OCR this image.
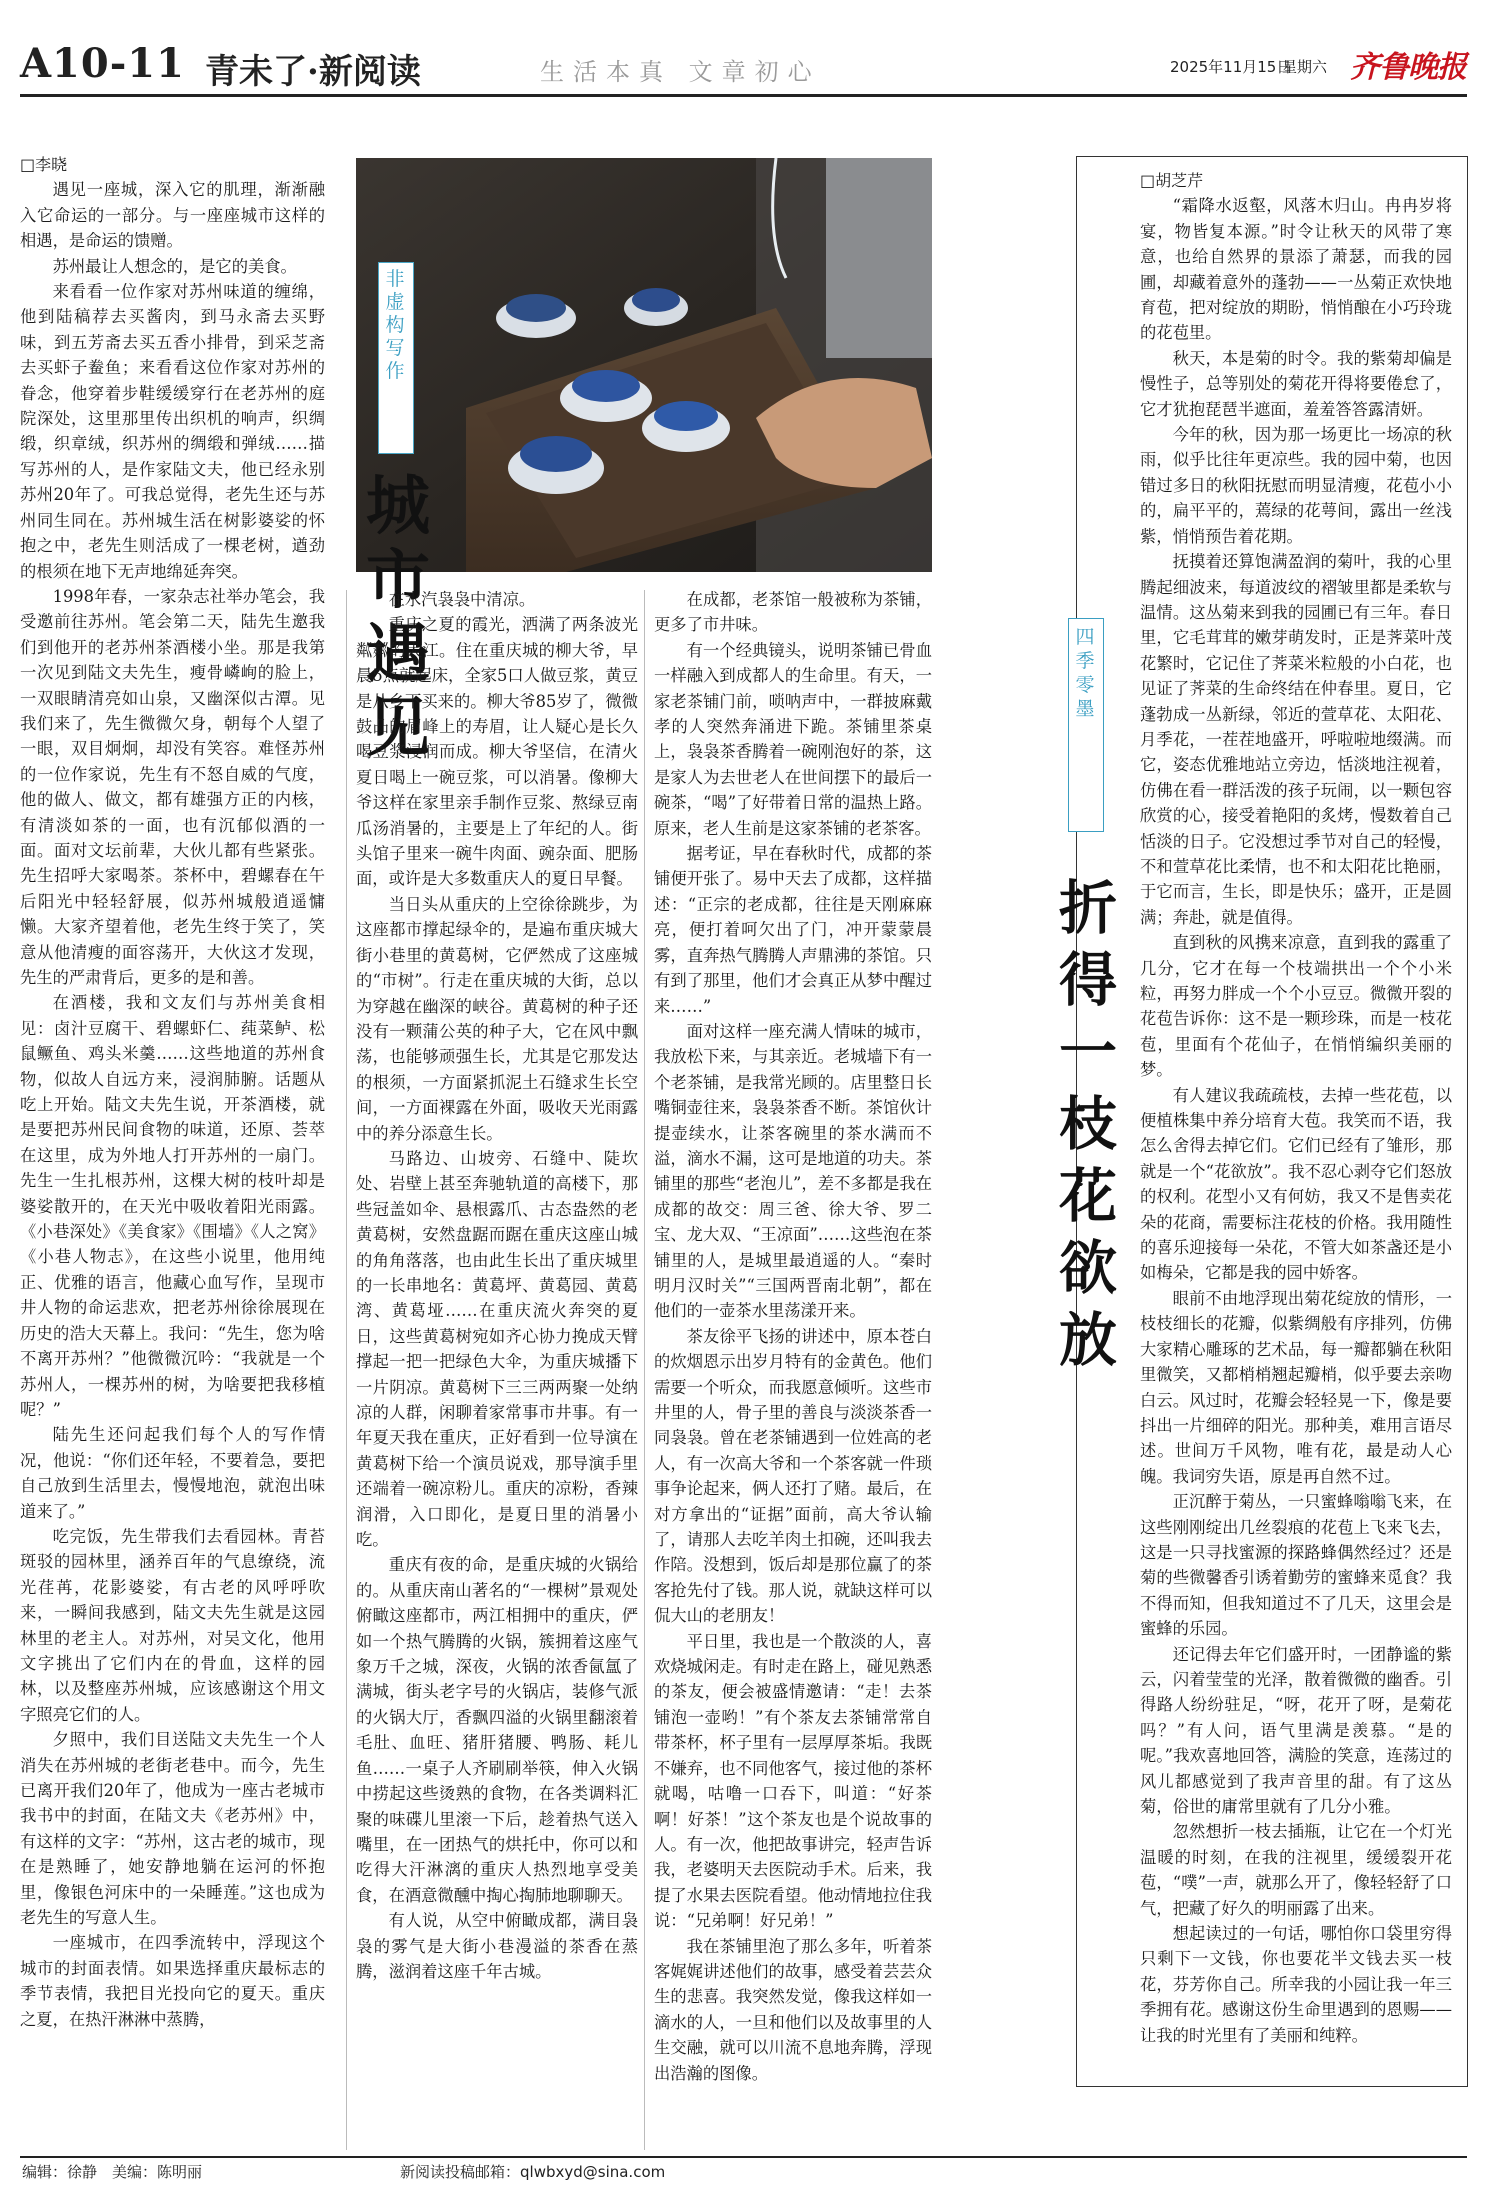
A10-11 青未了·新阅读	生活本真 文章初心	2025年11月15日
星期六 齐鲁晚报

□李晓

遇见一座城，深入它的肌理，渐渐融入它命运的一部分。与一座座城市这样的相遇，是命运的馈赠。

苏州最让人想念的，是它的美食。

来看看一位作家对苏州味道的缠绵，他到陆稿荐去买酱肉，到马永斋去买野味，到五芳斋去买五香小排骨，到采芝斋去买虾子鲞鱼；来看看这位作家对苏州的眷念，他穿着步鞋缓缓穿行在老苏州的庭院深处，这里那里传出织机的响声，织绸缎，织章绒，织苏州的绸缎和弹绒……描写苏州的人，是作家陆文夫，他已经永别苏州20年了。可我总觉得，老先生还与苏州同生同在。苏州城生活在树影婆娑的怀抱之中，老先生则活成了一棵老树，遒劲的根须在地下无声地绵延奔突。

1998年春，一家杂志社举办笔会，我受邀前往苏州。笔会第二天，陆先生邀我们到他开的老苏州茶酒楼小坐。那是我第一次见到陆文夫先生，瘦骨嶙峋的脸上，一双眼睛清亮如山泉，又幽深似古潭。见我们来了，先生微微欠身，朝每个人望了一眼，双目炯炯，却没有笑容。难怪苏州的一位作家说，先生有不怒自威的气度，他的做人、做文，都有雄强方正的内核，有清淡如茶的一面，也有沉郁似酒的一面。面对文坛前辈，大伙儿都有些紧张。先生招呼大家喝茶。茶杯中，碧螺春在午后阳光中轻轻舒展，似苏州城般逍遥慵懒。大家齐望着他，老先生终于笑了，笑意从他清瘦的面容荡开，大伙这才发现，先生的严肃背后，更多的是和善。

在酒楼，我和文友们与苏州美食相见：卤汁豆腐干、碧螺虾仁、莼菜鲈、松鼠鳜鱼、鸡头米羹……这些地道的苏州食物，似故人自远方来，浸润肺腑。话题从吃上开始。陆文夫先生说，开茶酒楼，就是要把苏州民间食物的味道，还原、荟萃在这里，成为外地人打开苏州的一扇门。先生一生扎根苏州，这棵大树的枝叶却是婆娑散开的，在天光中吸收着阳光雨露。《小巷深处》《美食家》《围墙》《人之窝》《小巷人物志》，在这些小说里，他用纯正、优雅的语言，他藏心血写作，呈现市井人物的命运悲欢，把老苏州徐徐展现在历史的浩大天幕上。我问：“先生，您为啥不离开苏州？”他微微沉吟：“我就是一个苏州人，一棵苏州的树，为啥要把我移植呢？”

陆先生还问起我们每个人的写作情况，他说：“你们还年轻，不要着急，要把自己放到生活里去，慢慢地泡，就泡出味道来了。”

吃完饭，先生带我们去看园林。青苔斑驳的园林里，涵养百年的气息缭绕，流光荏苒，花影婆娑，有古老的风呼呼吹来，一瞬间我感到，陆文夫先生就是这园林里的老主人。对苏州，对吴文化，他用文字挑出了它们内在的骨血，这样的园林，以及整座苏州城，应该感谢这个用文字照亮它们的人。

夕照中，我们目送陆文夫先生一个人消失在苏州城的老街老巷中。而今，先生已离开我们20年了，他成为一座古老城市我书中的封面，在陆文夫《老苏州》中，有这样的文字：“苏州，这古老的城市，现在是熟睡了，她安静地躺在运河的怀抱里，像银色河床中的一朵睡莲。”这也成为老先生的写意人生。

一座城市，在四季流转中，浮现这个城市的封面表情。如果选择重庆最标志的季节表情，我把目光投向它的夏天。重庆之夏，在热汗淋淋中蒸腾，

非
虚
构
写
作
城
市
遇
见

在水汽袅袅中清凉。

重庆之夏的霞光，洒满了两条波光粼粼的大江。住在重庆城的柳大爷，早晨5点就起床，全家5口人做豆浆，黄豆是从乡下买来的。柳大爷85岁了，微微鼓凸的眉峰上的寿眉，让人疑心是长久喝豆浆浸润而成。柳大爷坚信，在清火夏日喝上一碗豆浆，可以消暑。像柳大爷这样在家里亲手制作豆浆、熬绿豆南瓜汤消暑的，主要是上了年纪的人。街头馆子里来一碗牛肉面、豌杂面、肥肠面，或许是大多数重庆人的夏日早餐。

当日头从重庆的上空徐徐跳步，为这座都市撑起绿伞的，是遍布重庆城大街小巷里的黄葛树，它俨然成了这座城的“市树”。行走在重庆城的大街，总以为穿越在幽深的峡谷。黄葛树的种子还没有一颗蒲公英的种子大，它在风中飘荡，也能够顽强生长，尤其是它那发达的根须，一方面紧抓泥土石缝求生长空间，一方面裸露在外面，吸收天光雨露中的养分添意生长。

马路边、山坡旁、石缝中、陡坎处、岩壁上甚至奔驰轨道的高楼下，那些冠盖如伞、悬根露爪、古态盎然的老黄葛树，安然盘踞而踞在重庆这座山城的角角落落，也由此生长出了重庆城里的一长串地名：黄葛坪、黄葛园、黄葛湾、黄葛垭……在重庆流火奔突的夏日，这些黄葛树宛如齐心协力挽成天臂撑起一把一把绿色大伞，为重庆城播下一片阴凉。黄葛树下三三两两聚一处纳凉的人群，闲聊着家常事市井事。有一年夏天我在重庆，正好看到一位导演在黄葛树下给一个演员说戏，那导演手里还端着一碗凉粉儿。重庆的凉粉，香辣润滑，入口即化，是夏日里的消暑小吃。

重庆有夜的命，是重庆城的火锅给的。从重庆南山著名的“一棵树”景观处俯瞰这座都市，两江相拥中的重庆，俨如一个热气腾腾的火锅，簇拥着这座气象万千之城，深夜，火锅的浓香氤氲了满城，街头老字号的火锅店，装修气派的火锅大厅，香飘四溢的火锅里翻滚着毛肚、血旺、猪肝猪腰、鸭肠、耗儿鱼……一桌子人齐刷刷举筷，伸入火锅中捞起这些烫熟的食物，在各类调料汇聚的味碟儿里滚一下后，趁着热气送入嘴里，在一团热气的烘托中，你可以和吃得大汗淋漓的重庆人热烈地享受美食，在酒意微醺中掏心掏肺地聊聊天。

有人说，从空中俯瞰成都，满目袅袅的雾气是大街小巷漫溢的茶香在蒸腾，滋润着这座千年古城。

在成都，老茶馆一般被称为茶铺，更多了市井味。

有一个经典镜头，说明茶铺已骨血一样融入到成都人的生命里。有天，一家老茶铺门前，唢呐声中，一群披麻戴孝的人突然奔涌进下跪。茶铺里茶桌上，袅袅茶香腾着一碗刚泡好的茶，这是家人为去世老人在世间摆下的最后一碗茶，“喝”了好带着日常的温热上路。原来，老人生前是这家茶铺的老茶客。

据考证，早在春秋时代，成都的茶铺便开张了。易中天去了成都，这样描述：“正宗的老成都，往往是天刚麻麻亮，便打着呵欠出了门，冲开蒙蒙晨雾，直奔热气腾腾人声鼎沸的茶馆。只有到了那里，他们才会真正从梦中醒过来……”

面对这样一座充满人情味的城市，我放松下来，与其亲近。老城墙下有一个老茶铺，是我常光顾的。店里整日长嘴铜壶往来，袅袅茶香不断。茶馆伙计提壶续水，让茶客碗里的茶水满而不溢，滴水不漏，这可是地道的功夫。茶铺里的那些“老泡儿”，差不多都是我在成都的故交：周三爸、徐大爷、罗二宝、龙大双、“王凉面”……这些泡在茶铺里的人，是城里最逍遥的人。“秦时明月汉时关”“三国两晋南北朝”，都在他们的一壶茶水里荡漾开来。

茶友徐平飞扬的讲述中，原本苍白的炊烟恩示出岁月特有的金黄色。他们需要一个听众，而我愿意倾听。这些市井里的人，骨子里的善良与淡淡茶香一同袅袅。曾在老茶铺遇到一位姓高的老人，有一次高大爷和一个茶客就一件琐事争论起来，俩人还打了赌。最后，在对方拿出的“证据”面前，高大爷认输了，请那人去吃羊肉土扣碗，还叫我去作陪。没想到，饭后却是那位赢了的茶客抢先付了钱。那人说，就缺这样可以侃大山的老朋友！

平日里，我也是一个散淡的人，喜欢烧城闲走。有时走在路上，碰见熟悉的茶友，便会被盛情邀请：“走！去茶铺泡一壶哟！”有个茶友去茶铺常常自带茶杯，杯子里有一层厚厚茶垢。我既不嫌弃，也不同他客气，接过他的茶杯就喝，咕噜一口吞下，叫道：“好茶啊！好茶！”这个茶友也是个说故事的人。有一次，他把故事讲完，轻声告诉我，老婆明天去医院动手术。后来，我提了水果去医院看望。他动情地拉住我说：“兄弟啊！好兄弟！”

我在茶铺里泡了那么多年，听着茶客娓娓讲述他们的故事，感受着芸芸众生的悲喜。我突然发觉，像我这样如一滴水的人，一旦和他们以及故事里的人生交融，就可以川流不息地奔腾，浮现出浩瀚的图像。

四
季
零
墨
折
得
一
枝
花
欲
放

□胡芝芹

“霜降水返壑，风落木归山。冉冉岁将宴，物皆复本源。”时令让秋天的风带了寒意，也给自然界的景添了萧瑟，而我的园圃，却藏着意外的蓬勃——一丛菊正欢快地育苞，把对绽放的期盼，悄悄酿在小巧玲珑的花苞里。

秋天，本是菊的时令。我的紫菊却偏是慢性子，总等别处的菊花开得将要倦怠了，它才犹抱琵琶半遮面，羞羞答答露清妍。

今年的秋，因为那一场更比一场凉的秋雨，似乎比往年更凉些。我的园中菊，也因错过多日的秋阳抚慰而明显清瘦，花苞小小的，扁平平的，蔫绿的花萼间，露出一丝浅紫，悄悄预告着花期。

抚摸着还算饱满盈润的菊叶，我的心里腾起细波来，每道波纹的褶皱里都是柔软与温情。这丛菊来到我的园圃已有三年。春日里，它毛茸茸的嫩芽萌发时，正是荠菜叶茂花繁时，它记住了荠菜米粒般的小白花，也见证了荠菜的生命终结在仲春里。夏日，它蓬勃成一丛新绿，邻近的萱草花、太阳花、月季花，一茬茬地盛开，呼啦啦地缀满。而它，姿态优雅地站立旁边，恬淡地注视着，仿佛在看一群活泼的孩子玩闹，以一颗包容欣赏的心，接受着艳阳的炙烤，慢数着自己恬淡的日子。它没想过季节对自己的轻慢，不和萱草花比柔情，也不和太阳花比艳丽，于它而言，生长，即是快乐；盛开，正是圆满；奔赴，就是值得。

直到秋的风携来凉意，直到我的露重了几分，它才在每一个枝端拱出一个个小米粒，再努力胖成一个个小豆豆。微微开裂的花苞告诉你：这不是一颗珍珠，而是一枝花苞，里面有个花仙子，在悄悄编织美丽的梦。

有人建议我疏疏枝，去掉一些花苞，以便植株集中养分培育大苞。我笑而不语，我怎么舍得去掉它们。它们已经有了雏形，那就是一个“花欲放”。我不忍心剥夺它们怒放的权利。花型小又有何妨，我又不是售卖花朵的花商，需要标注花枝的价格。我用随性的喜乐迎接每一朵花，不管大如茶盏还是小如梅朵，它都是我的园中娇客。

眼前不由地浮现出菊花绽放的情形，一枝枝细长的花瓣，似紫绸般有序排列，仿佛大家精心雕琢的艺术品，每一瓣都躺在秋阳里微笑，又都梢梢翘起瓣梢，似乎要去亲吻白云。风过时，花瓣会轻轻晃一下，像是要抖出一片细碎的阳光。那种美，难用言语尽述。世间万千风物，唯有花，最是动人心魄。我词穷失语，原是再自然不过。

正沉醉于菊丛，一只蜜蜂嗡嗡飞来，在这些刚刚绽出几丝裂痕的花苞上飞来飞去，这是一只寻找蜜源的探路蜂偶然经过？还是菊的些微馨香引诱着勤劳的蜜蜂来觅食？我不得而知，但我知道过不了几天，这里会是蜜蜂的乐园。

还记得去年它们盛开时，一团静谧的紫云，闪着莹莹的光泽，散着微微的幽香。引得路人纷纷驻足，“呀，花开了呀，是菊花吗？”有人问，语气里满是羡慕。“是的呢。”我欢喜地回答，满脸的笑意，连荡过的风儿都感觉到了我声音里的甜。有了这丛菊，俗世的庸常里就有了几分小雅。

忽然想折一枝去插瓶，让它在一个灯光温暖的时刻，在我的注视里，缓缓裂开花苞，“噗”一声，就那么开了，像轻轻舒了口气，把藏了好久的明丽露了出来。

想起读过的一句话，哪怕你口袋里穷得只剩下一文钱，你也要花半文钱去买一枝花，芬芳你自己。所幸我的小园让我一年三季拥有花。感谢这份生命里遇到的恩赐——让我的时光里有了美丽和纯粹。

编辑：徐静　美编：陈明丽	新阅读投稿邮箱：qlwbxyd@sina.com
